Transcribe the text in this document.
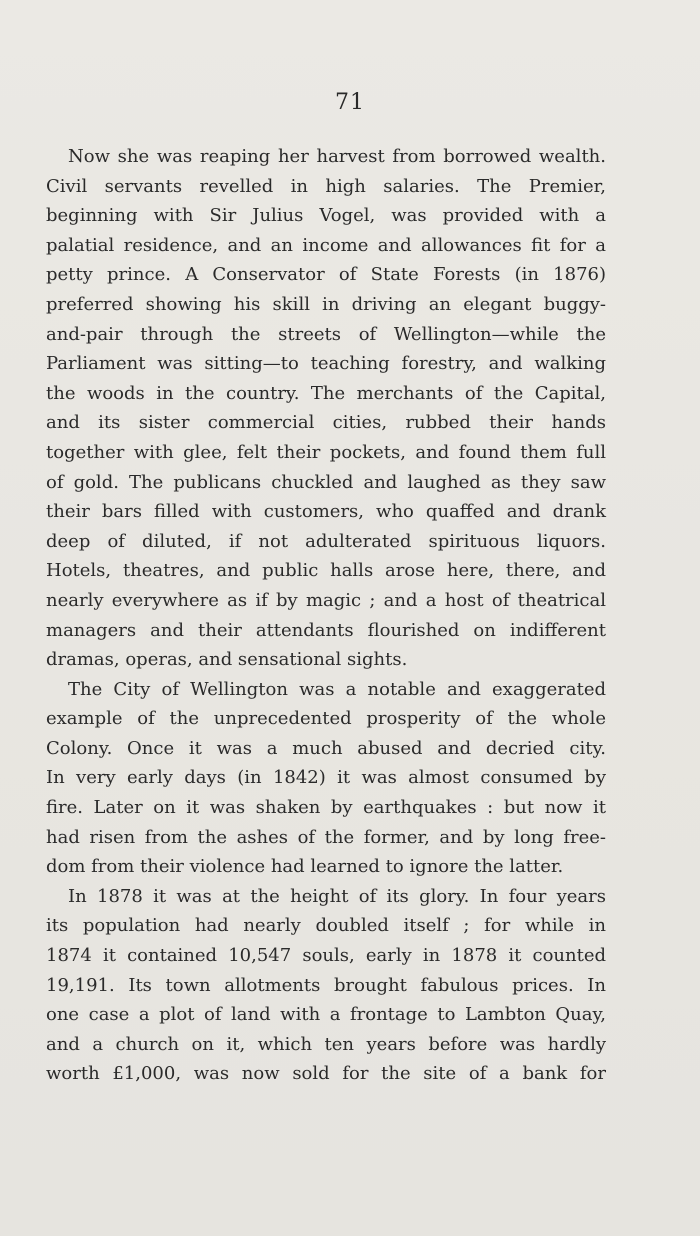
71
Now she was reaping her harvest from borrowed wealth.
Civil servants revelled in high salaries. The Premier,
beginning with Sir Julius Vogel, was provided with a
palatial residence, and an income and allowances fit for a
petty prince. A Conservator of State Forests (in 1876)
preferred showing his skill in driving an elegant buggy-
and-pair through the streets of Wellington—while the
Parliament was sitting—to teaching forestry, and walking
the woods in the country. The merchants of the Capital,
and its sister commercial cities, rubbed their hands
together with glee, felt their pockets, and found them full
of gold. The publicans chuckled and laughed as they saw
their bars filled with customers, who quaffed and drank
deep of diluted, if not adulterated spirituous liquors.
Hotels, theatres, and public halls arose here, there, and
nearly everywhere as if by magic ; and a host of theatrical
managers and their attendants flourished on indifferent
dramas, operas, and sensational sights.
The City of Wellington was a notable and exaggerated
example of the unprecedented prosperity of the whole
Colony. Once it was a much abused and decried city.
In very early days (in 1842) it was almost consumed by
fire. Later on it was shaken by earthquakes : but now it
had risen from the ashes of the former, and by long free-
dom from their violence had learned to ignore the latter.
In 1878 it was at the height of its glory. In four years
its population had nearly doubled itself ; for while in
1874 it contained 10,547 souls, early in 1878 it counted
19,191. Its town allotments brought fabulous prices. In
one case a plot of land with a frontage to Lambton Quay,
and a church on it, which ten years before was hardly
worth £1,000, was now sold for the site of a bank for
